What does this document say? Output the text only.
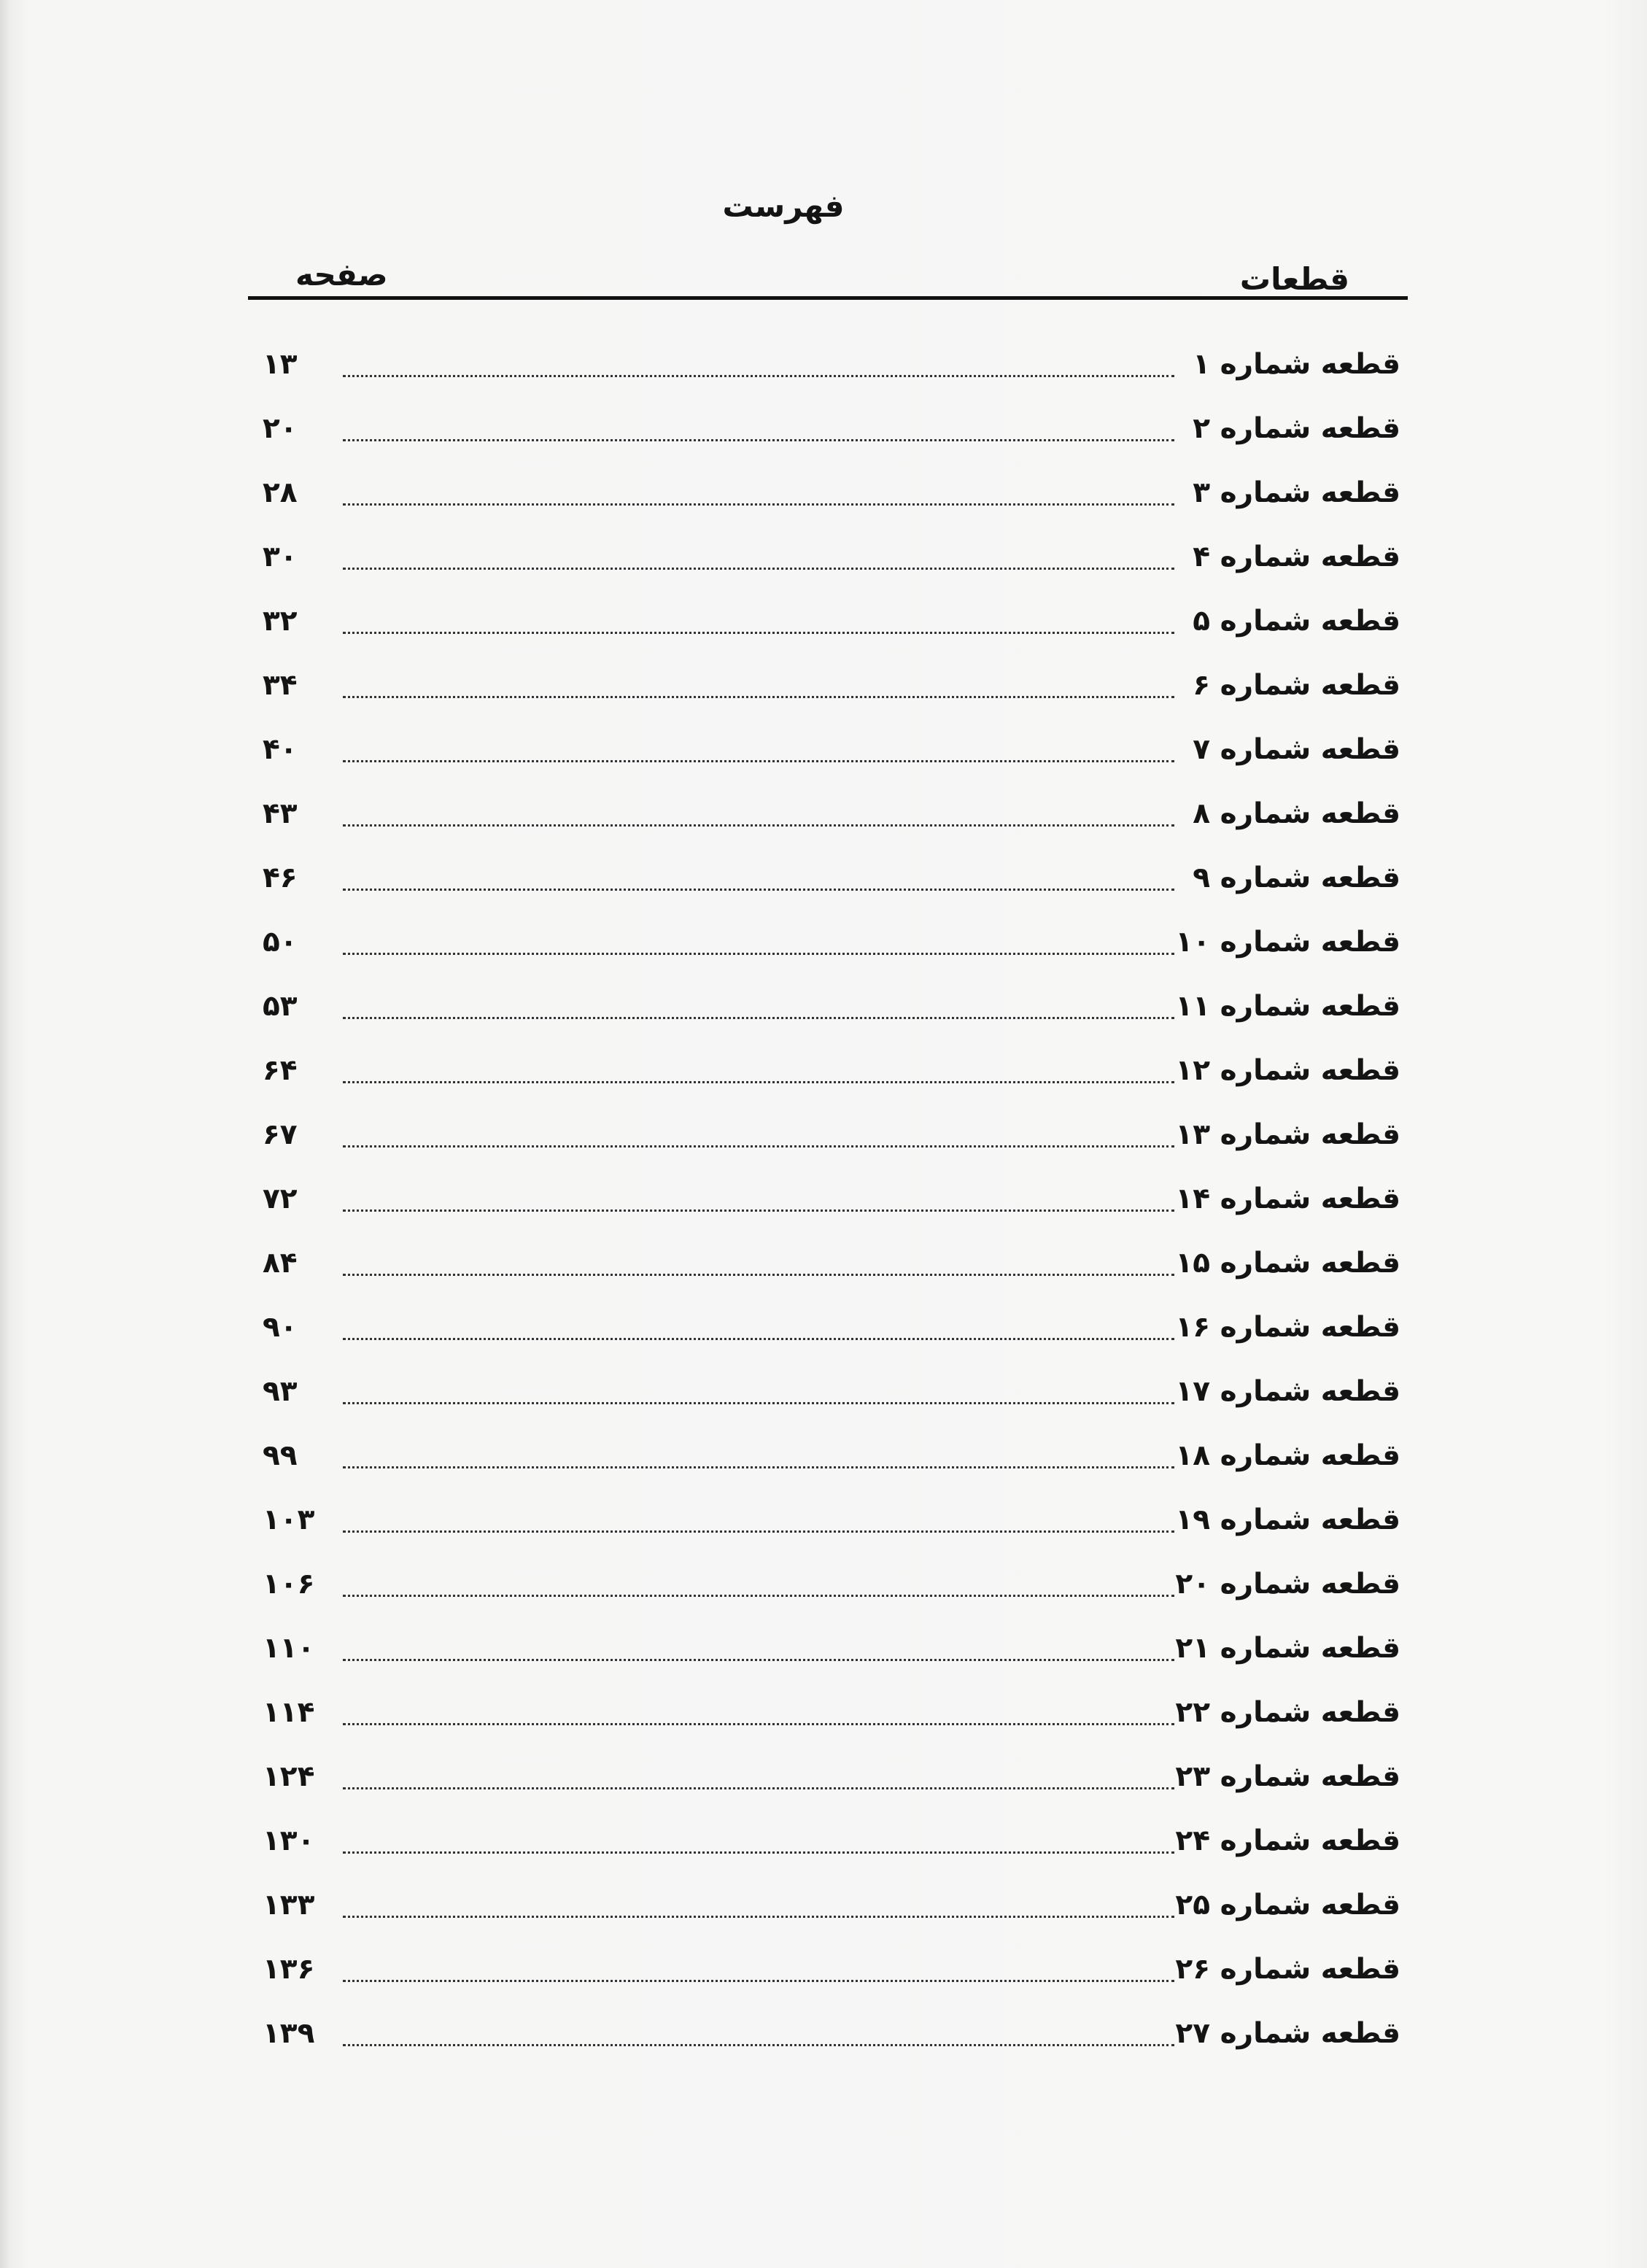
فهرست
قطعات
صفحه
قطعه شماره ۱
۱۳
قطعه شماره ۲
۲۰
قطعه شماره ۳
۲۸
قطعه شماره ۴
۳۰
قطعه شماره ۵
۳۲
قطعه شماره ۶
۳۴
قطعه شماره ۷
۴۰
قطعه شماره ۸
۴۳
قطعه شماره ۹
۴۶
قطعه شماره ۱۰
۵۰
قطعه شماره ۱۱
۵۳
قطعه شماره ۱۲
۶۴
قطعه شماره ۱۳
۶۷
قطعه شماره ۱۴
۷۲
قطعه شماره ۱۵
۸۴
قطعه شماره ۱۶
۹۰
قطعه شماره ۱۷
۹۳
قطعه شماره ۱۸
۹۹
قطعه شماره ۱۹
۱۰۳
قطعه شماره ۲۰
۱۰۶
قطعه شماره ۲۱
۱۱۰
قطعه شماره ۲۲
۱۱۴
قطعه شماره ۲۳
۱۲۴
قطعه شماره ۲۴
۱۳۰
قطعه شماره ۲۵
۱۳۳
قطعه شماره ۲۶
۱۳۶
قطعه شماره ۲۷
۱۳۹
